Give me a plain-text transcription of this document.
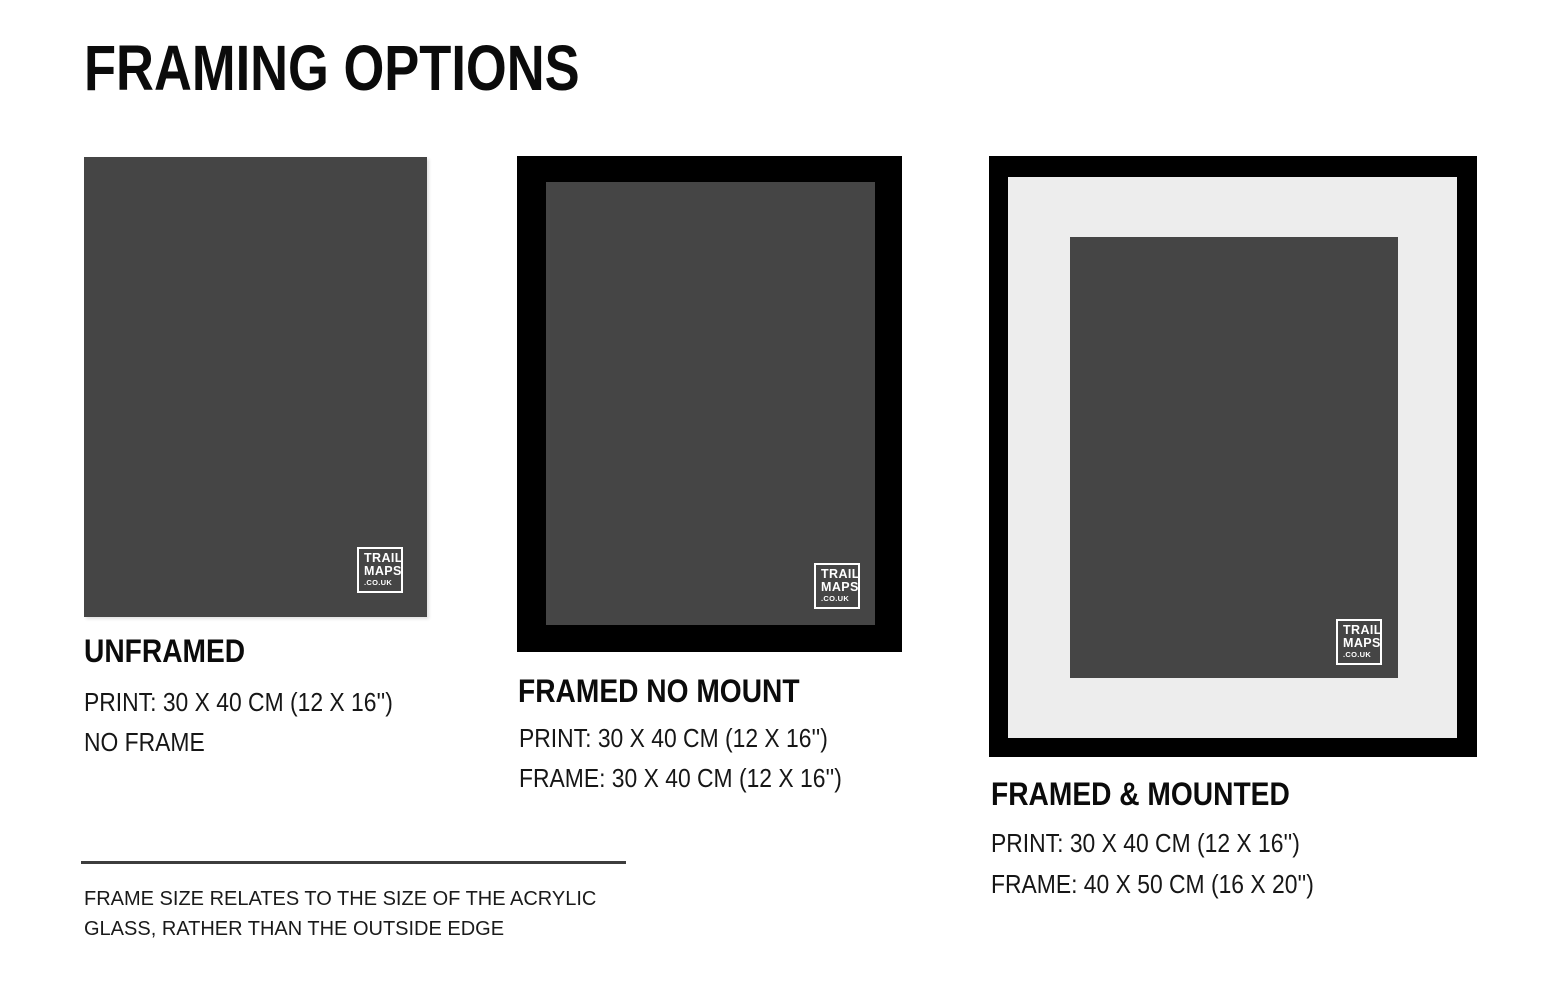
FRAMING OPTIONS
TRAIL
MAPS
.CO.UK
TRAIL
MAPS
.CO.UK
TRAIL
MAPS
.CO.UK
UNFRAMED
PRINT: 30 X 40 CM (12 X 16'')
NO FRAME
FRAMED NO MOUNT
PRINT: 30 X 40 CM (12 X 16'')
FRAME: 30 X 40 CM (12 X 16'')	FRAMED & MOUNTED
PRINT: 30 X 40 CM (12 X 16'')
FRAME: 40 X 50 CM (16 X 20'')
FRAME SIZE RELATES TO THE SIZE OF THE ACRYLIC
GLASS, RATHER THAN THE OUTSIDE EDGE
